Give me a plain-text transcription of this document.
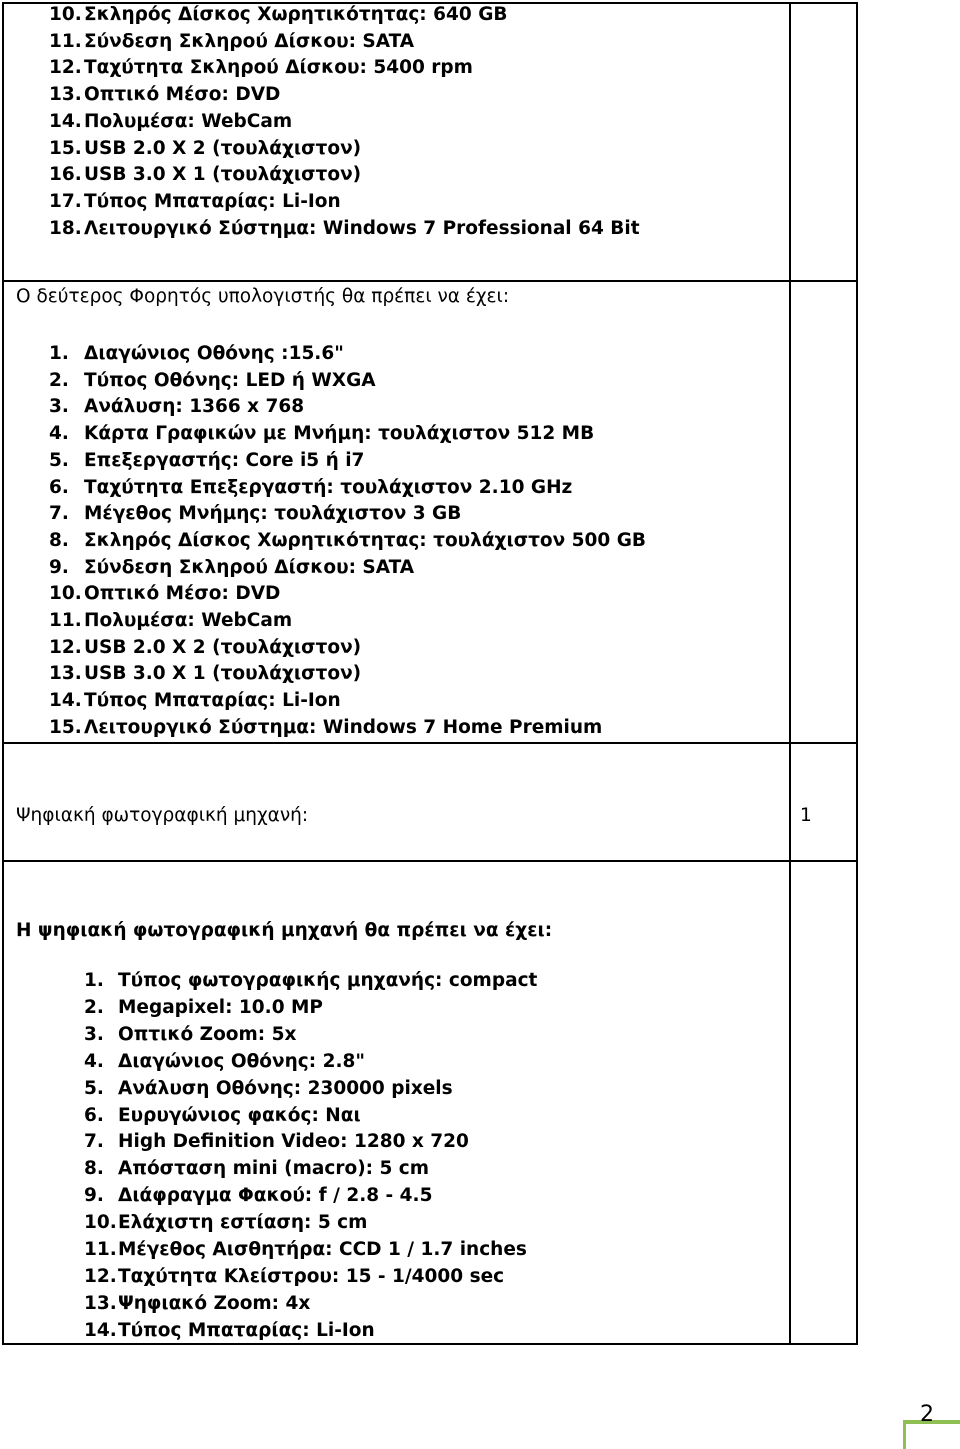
10. Σκληρός Δίσκος Χωρητικότητας: 640 GB
11. Σύνδεση Σκληρού Δίσκου: SATA
12. Ταχύτητα Σκληρού Δίσκου: 5400 rpm
13. Οπτικό Μέσο: DVD
14. Πολυμέσα: WebCam
15. USB 2.0 X 2 (τουλάχιστον)
16. USB 3.0 X 1 (τουλάχιστον)
17. Τύπος Μπαταρίας: Li-Ion
18. Λειτουργικό Σύστημα: Windows 7 Professional 64 Bit
Ο δεύτερος Φορητός υπολογιστής θα πρέπει να έχει:
1. Διαγώνιος Οθόνης :15.6"
2. Τύπος Οθόνης: LED ή WXGA
3. Ανάλυση: 1366 x 768
4. Κάρτα Γραφικών με Μνήμη: τουλάχιστον 512 MB
5. Επεξεργαστής: Core i5 ή i7
6. Ταχύτητα Επεξεργαστή: τουλάχιστον 2.10 GHz
7. Μέγεθος Μνήμης: τουλάχιστον 3 GB
8. Σκληρός Δίσκος Χωρητικότητας: τουλάχιστον 500 GB
9. Σύνδεση Σκληρού Δίσκου: SATA
10. Οπτικό Μέσο: DVD
11. Πολυμέσα: WebCam
12. USB 2.0 X 2 (τουλάχιστον)
13. USB 3.0 X 1 (τουλάχιστον)
14. Τύπος Μπαταρίας: Li-Ion
15. Λειτουργικό Σύστημα: Windows 7 Home Premium
Ψηφιακή φωτογραφική μηχανή:	1
Η ψηφιακή φωτογραφική μηχανή θα πρέπει να έχει:
1. Τύπος φωτογραφικής μηχανής: compact
2. Megapixel: 10.0 MP
3. Οπτικό Zoom: 5x
4. Διαγώνιος Οθόνης: 2.8"
5. Ανάλυση Οθόνης: 230000 pixels
6. Ευρυγώνιος φακός: Ναι
7. High Definition Video: 1280 x 720
8. Απόσταση mini (macro): 5 cm
9. Διάφραγμα Φακού: f / 2.8 - 4.5
10. Ελάχιστη εστίαση: 5 cm
11. Μέγεθος Αισθητήρα: CCD 1 / 1.7 inches
12. Ταχύτητα Κλείστρου: 15 - 1/4000 sec
13. Ψηφιακό Zoom: 4x
14. Τύπος Μπαταρίας: Li-Ion
2
